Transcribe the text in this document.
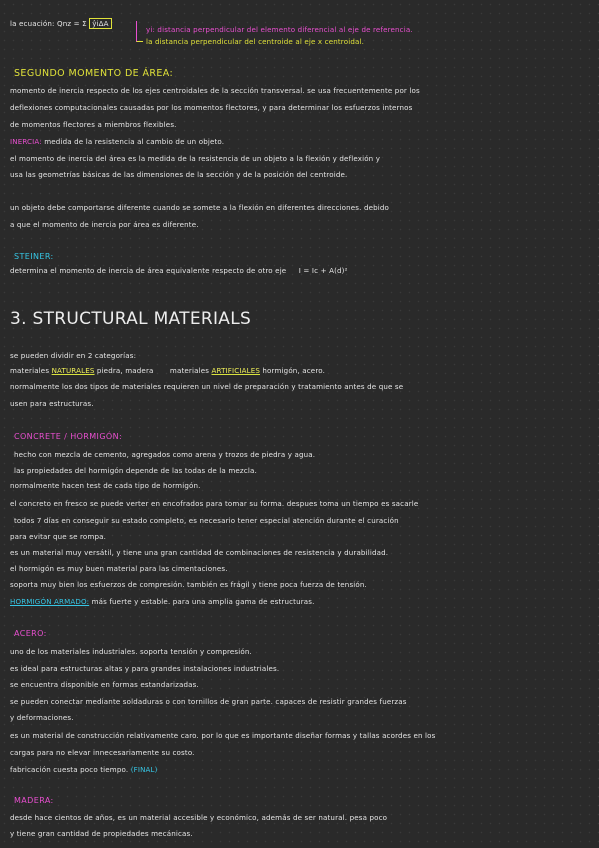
la ecuación: Qnz = Σ ŷiΔA
yi: distancia perpendicular del elemento diferencial al eje de referencia.
la distancia perpendicular del centroide al eje x centroidal.
SEGUNDO MOMENTO DE ÁREA:
momento de inercia respecto de los ejes centroidales de la sección transversal. se usa frecuentemente por los
deflexiones computacionales causadas por los momentos flectores, y para determinar los esfuerzos internos
de momentos flectores a miembros flexibles.
INERCIA: medida de la resistencia al cambio de un objeto.
el momento de inercia del área es la medida de la resistencia de un objeto a la flexión y deflexión y
usa las geometrías básicas de las dimensiones de la sección y de la posición del centroide.
un objeto debe comportarse diferente cuando se somete a la flexión en diferentes direcciones. debido
a que el momento de inercia por área es diferente.
STEINER:
determina el momento de inercia de área equivalente respecto de otro eje I = Ic + A(d)²
3. STRUCTURAL MATERIALS
se pueden dividir en 2 categorías:
materiales NATURALES piedra, madera materiales ARTIFICIALES hormigón, acero.
normalmente los dos tipos de materiales requieren un nivel de preparación y tratamiento antes de que se
usen para estructuras.
CONCRETE / HORMIGÓN:
hecho con mezcla de cemento, agregados como arena y trozos de piedra y agua.
las propiedades del hormigón depende de las todas de la mezcla.
normalmente hacen test de cada tipo de hormigón.
el concreto en fresco se puede verter en encofrados para tomar su forma. despues toma un tiempo es sacarle
todos 7 días en conseguir su estado completo, es necesario tener especial atención durante el curación
para evitar que se rompa.
es un material muy versátil, y tiene una gran cantidad de combinaciones de resistencia y durabilidad.
el hormigón es muy buen material para las cimentaciones.
soporta muy bien los esfuerzos de compresión. también es frágil y tiene poca fuerza de tensión.
HORMIGÓN ARMADO: más fuerte y estable. para una amplia gama de estructuras.
ACERO:
uno de los materiales industriales. soporta tensión y compresión.
es ideal para estructuras altas y para grandes instalaciones industriales.
se encuentra disponible en formas estandarizadas.
se pueden conectar mediante soldaduras o con tornillos de gran parte. capaces de resistir grandes fuerzas
y deformaciones.
es un material de construcción relativamente caro. por lo que es importante diseñar formas y tallas acordes en los
cargas para no elevar innecesariamente su costo.
fabricación cuesta poco tiempo. (FINAL)
MADERA:
desde hace cientos de años, es un material accesible y económico, además de ser natural. pesa poco
y tiene gran cantidad de propiedades mecánicas.
